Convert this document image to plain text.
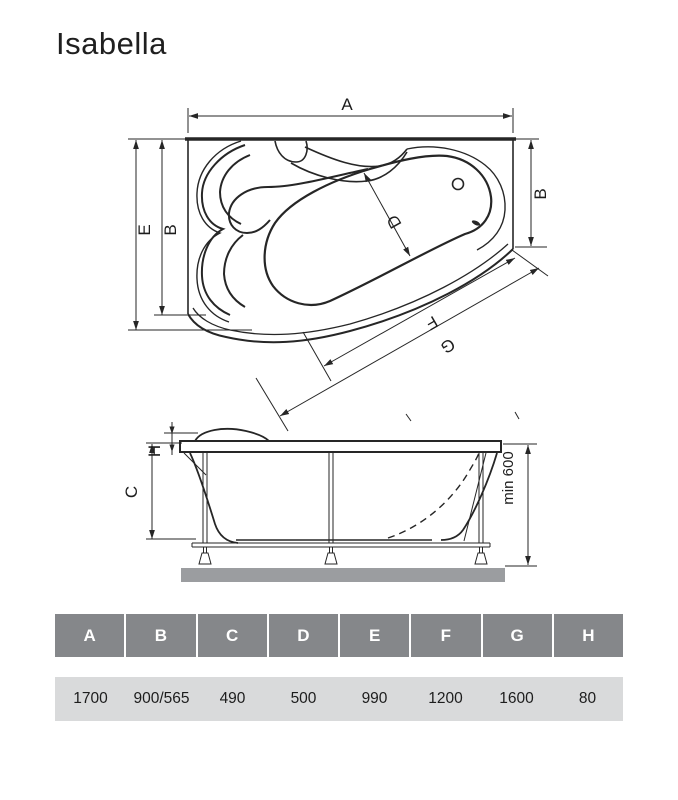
Isabella
A
E B
B
D
F
G
H
C	min 600
A	B	C	D	E	F	G	H
1700	900/565	490	500	990	1200	1600	80
